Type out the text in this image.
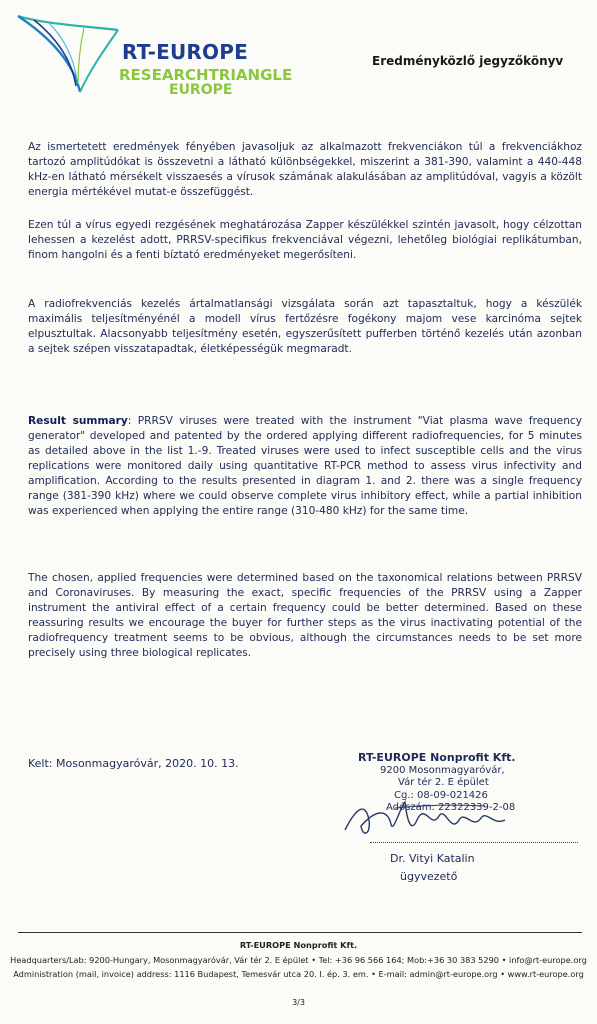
RT-EUROPE
RESEARCHTRIANGLE
EUROPE
Eredményközlő jegyzőkönyv
Az ismertetett eredmények fényében javasoljuk az alkalmazott frekvenciákon túl a frekvenciákhoz tartozó amplitúdókat is összevetni a látható különbségekkel, miszerint a 381-390, valamint a 440-448 kHz-en látható mérsékelt visszaesés a vírusok számának alakulásában az amplitúdóval, vagyis a közölt energia mértékével mutat-e összefüggést.
Ezen túl a vírus egyedi rezgésének meghatározása Zapper készülékkel szintén javasolt, hogy célzottan lehessen a kezelést adott, PRRSV-specifikus frekvenciával végezni, lehetőleg biológiai replikátumban, finom hangolni és a fenti bíztató eredményeket megerősíteni.
A radiofrekvenciás kezelés ártalmatlansági vizsgálata során azt tapasztaltuk, hogy a készülék maximális teljesítményénél a modell vírus fertőzésre fogékony majom vese karcinóma sejtek elpusztultak. Alacsonyabb teljesítmény esetén, egyszerűsített pufferben történő kezelés után azonban a sejtek szépen visszatapadtak, életképességük megmaradt.
Result summary: PRRSV viruses were treated with the instrument "Viat plasma wave frequency generator" developed and patented by the ordered applying different radiofrequencies, for 5 minutes as detailed above in the list 1.-9. Treated viruses were used to infect susceptible cells and the virus replications were monitored daily using quantitative RT-PCR method to assess virus infectivity and amplification. According to the results presented in diagram 1. and 2. there was a single frequency range (381-390 kHz) where we could observe complete virus inhibitory effect, while a partial inhibition was experienced when applying the entire range (310-480 kHz) for the same time.
The chosen, applied frequencies were determined based on the taxonomical relations between PRRSV and Coronaviruses. By measuring the exact, specific frequencies of the PRRSV using a Zapper instrument the antiviral effect of a certain frequency could be better determined. Based on these reassuring results we encourage the buyer for further steps as the virus inactivating potential of the radiofrequency treatment seems to be obvious, although the circumstances needs to be set more precisely using three biological replicates.
Kelt: Mosonmagyaróvár, 2020. 10. 13.	RT-EUROPE Nonprofit Kft.
9200 Mosonmagyaróvár,
Vár tér 2. E épület
Cg.: 08-09-021426
Adószám: 22322339-2-08
Dr. Vityi Katalin
ügyvezető
RT-EUROPE Nonprofit Kft.
Headquarters/Lab: 9200-Hungary, Mosonmagyaróvár, Vár tér 2. E épület • Tel: +36 96 566 164; Mob:+36 30 383 5290 • info@rt-europe.org
Administration (mail, invoice) address: 1116 Budapest, Temesvár utca 20. I. ép. 3. em. • E-mail: admin@rt-europe.org • www.rt-europe.org
3/3
